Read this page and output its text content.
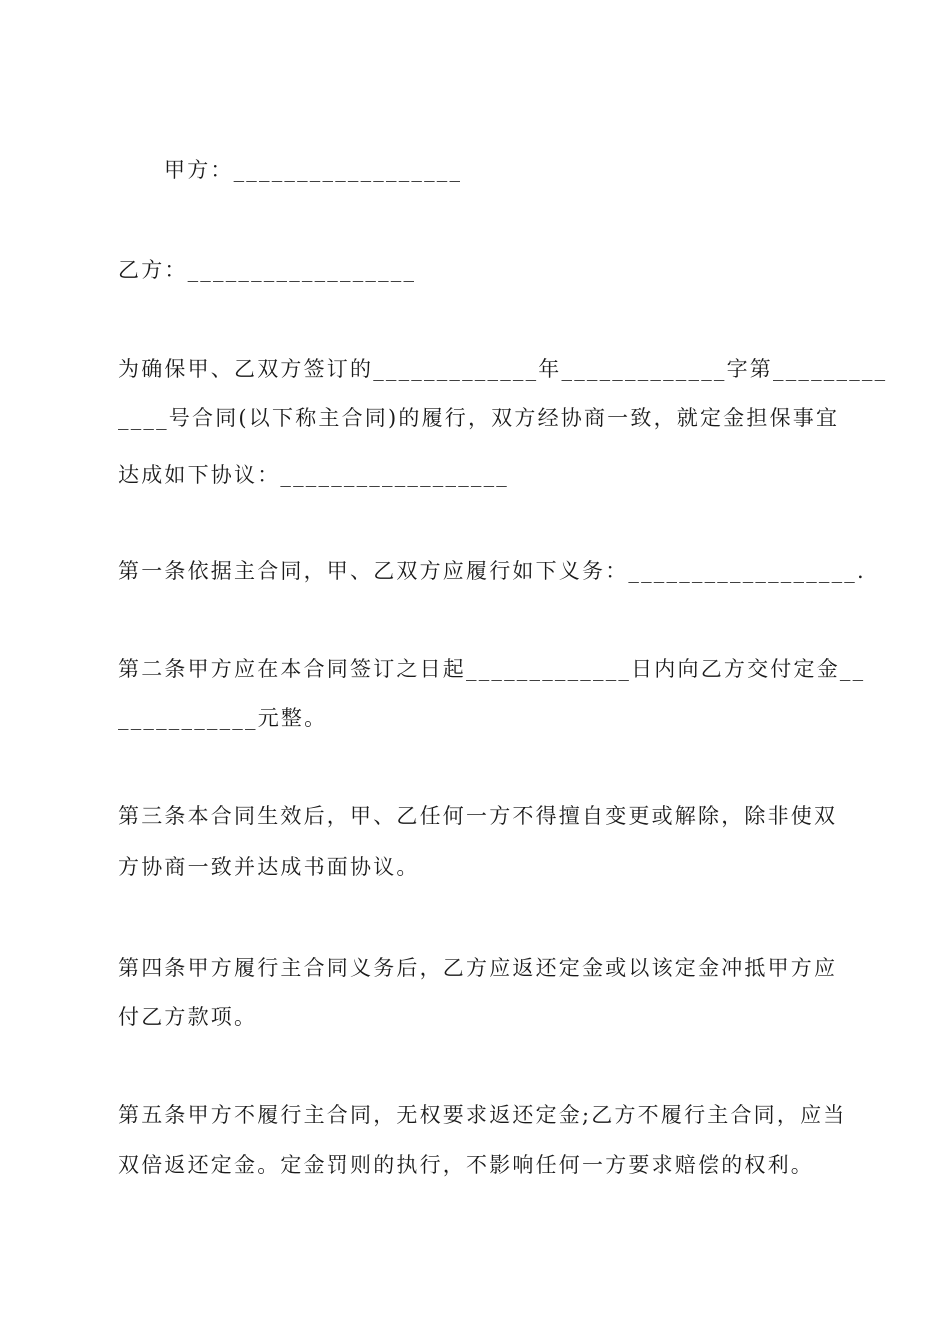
甲方：__________________
乙方：__________________
为确保甲、乙双方签订的_____________年_____________字第_________
____号合同(以下称主合同)的履行，双方经协商一致，就定金担保事宜
达成如下协议：__________________
第一条依据主合同，甲、乙双方应履行如下义务：__________________.
第二条甲方应在本合同签订之日起_____________日内向乙方交付定金__
___________元整。
第三条本合同生效后，甲、乙任何一方不得擅自变更或解除，除非使双
方协商一致并达成书面协议。
第四条甲方履行主合同义务后，乙方应返还定金或以该定金冲抵甲方应
付乙方款项。
第五条甲方不履行主合同，无权要求返还定金;乙方不履行主合同，应当
双倍返还定金。定金罚则的执行，不影响任何一方要求赔偿的权利。
